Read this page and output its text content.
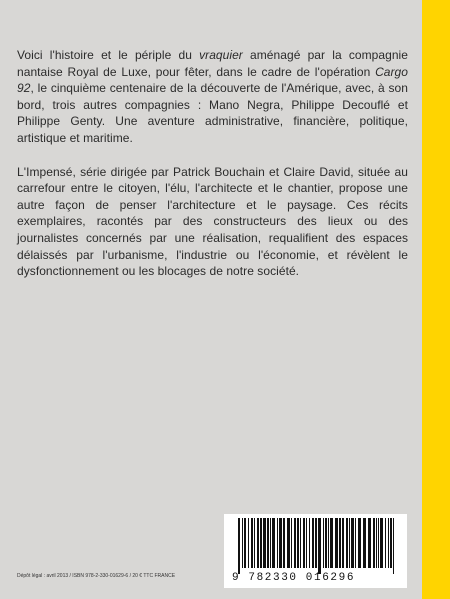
Voici l'histoire et le périple du vraquier aménagé par la compagnie nantaise Royal de Luxe, pour fêter, dans le cadre de l'opération Cargo 92, le cinquième centenaire de la découverte de l'Amérique, avec, à son bord, trois autres compagnies : Mano Negra, Philippe Decouflé et Philippe Genty. Une aventure administrative, financière, politique, artistique et maritime.

L'Impensé, série dirigée par Patrick Bouchain et Claire David, située au carrefour entre le citoyen, l'élu, l'architecte et le chantier, propose une autre façon de penser l'architecture et le paysage. Ces récits exemplaires, racontés par des constructeurs des lieux ou des journalistes concernés par une réalisation, requalifient des espaces délaissés par l'urbanisme, l'industrie ou l'économie, et révèlent le dysfonctionnement ou les blocages de notre société.

Dépôt légal : avril 2013 / ISBN 978-2-330-01629-6 / 20 € TTC FRANCE	9 782330 016296
